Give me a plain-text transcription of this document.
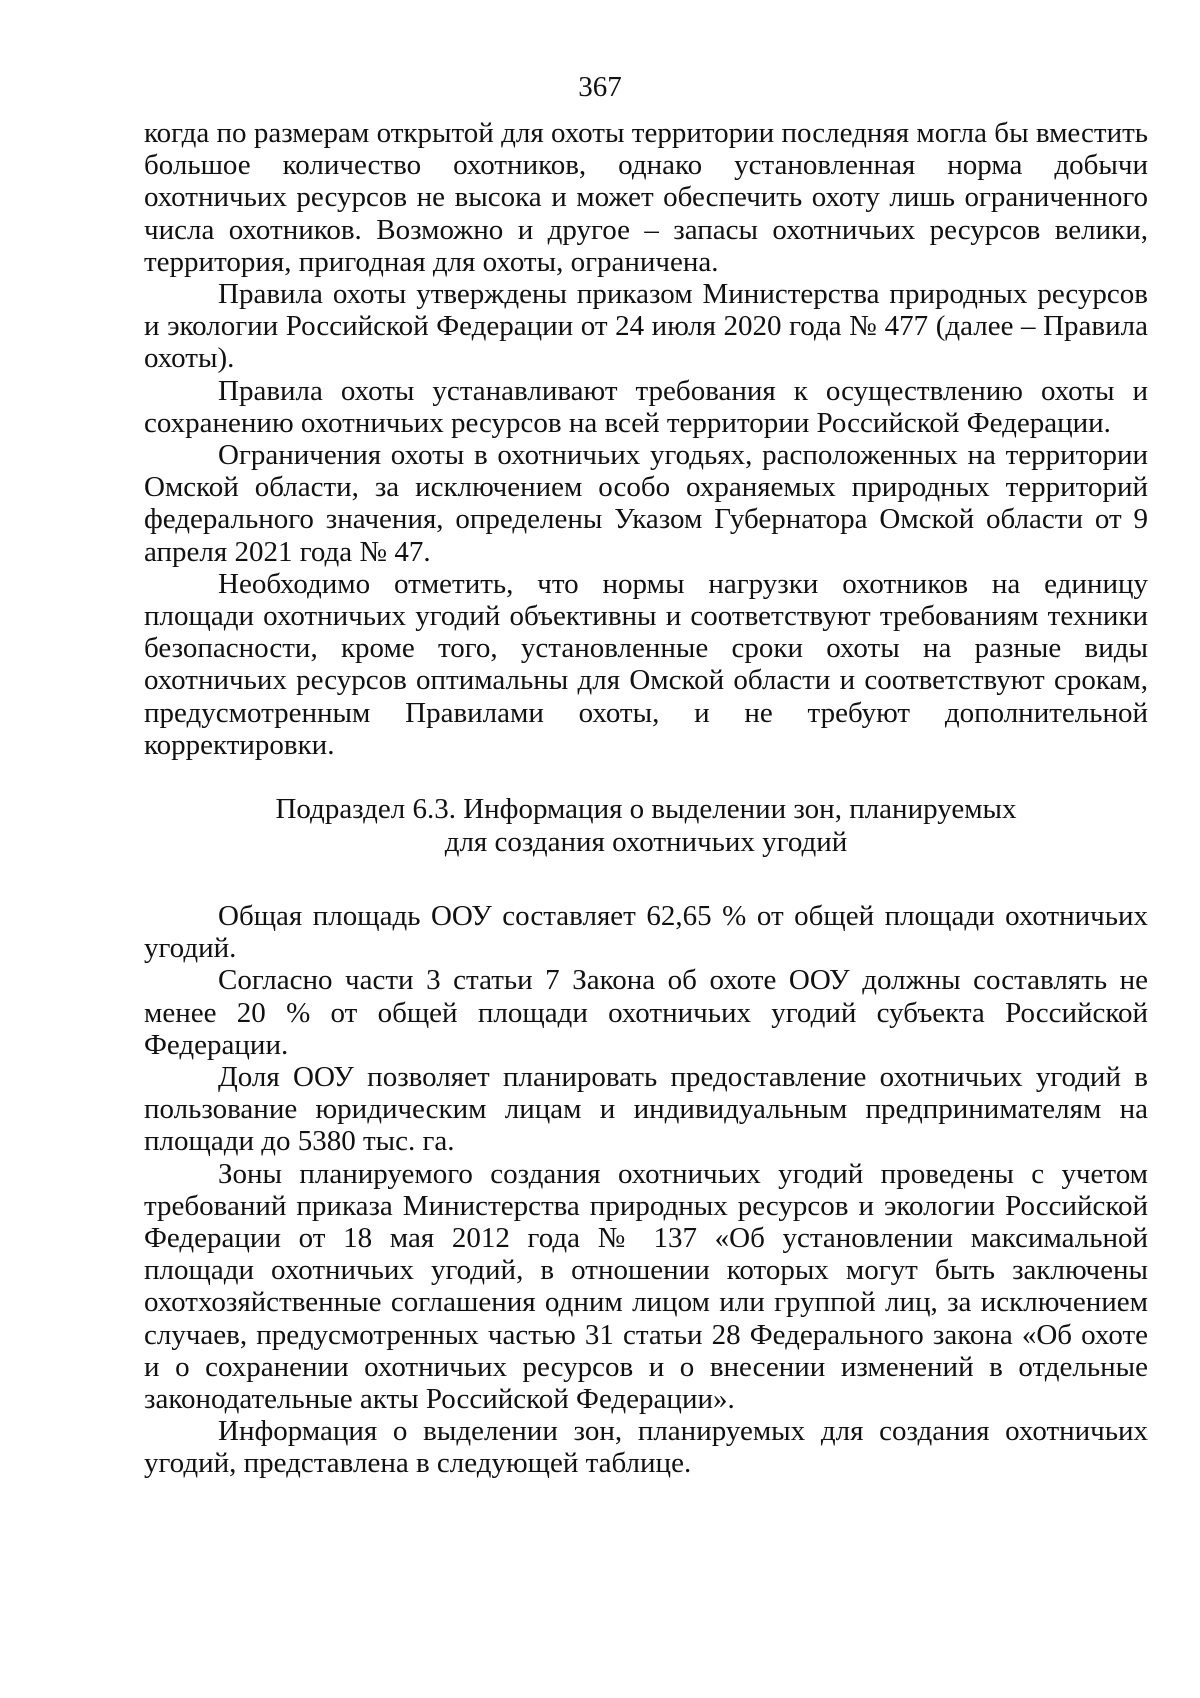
367

когда по размерам открытой для охоты территории последняя могла бы вместить большое количество охотников, однако установленная норма добычи охотничьих ресурсов не высока и может обеспечить охоту лишь ограниченного числа охотников. Возможно и другое – запасы охотничьих ресурсов велики, территория, пригодная для охоты, ограничена.

Правила охоты утверждены приказом Министерства природных ресурсов и экологии Российской Федерации от 24 июля 2020 года № 477 (далее – Правила охоты).

Правила охоты устанавливают требования к осуществлению охоты и сохранению охотничьих ресурсов на всей территории Российской Федерации.

Ограничения охоты в охотничьих угодьях, расположенных на территории Омской области, за исключением особо охраняемых природных территорий федерального значения, определены Указом Губернатора Омской области от 9 апреля 2021 года № 47.

Необходимо отметить, что нормы нагрузки охотников на единицу площади охотничьих угодий объективны и соответствуют требованиям техники безопасности, кроме того, установленные сроки охоты на разные виды охотничьих ресурсов оптимальны для Омской области и соответствуют срокам, предусмотренным Правилами охоты, и не требуют дополнительной корректировки.

Подраздел 6.3. Информация о выделении зон, планируемых
для создания охотничьих угодий

Общая площадь ООУ составляет 62,65 % от общей площади охотничьих угодий.

Согласно части 3 статьи 7 Закона об охоте ООУ должны составлять не менее 20 % от общей площади охотничьих угодий субъекта Российской Федерации.

Доля ООУ позволяет планировать предоставление охотничьих угодий в пользование юридическим лицам и индивидуальным предпринимателям на площади до 5380 тыс. га.

Зоны планируемого создания охотничьих угодий проведены с учетом требований приказа Министерства природных ресурсов и экологии Российской Федерации от 18 мая 2012 года № 137 «Об установлении максимальной площади охотничьих угодий, в отношении которых могут быть заключены охотхозяйственные соглашения одним лицом или группой лиц, за исключением случаев, предусмотренных частью 31 статьи 28 Федерального закона «Об охоте и о сохранении охотничьих ресурсов и о внесении изменений в отдельные законодательные акты Российской Федерации».

Информация о выделении зон, планируемых для создания охотничьих угодий, представлена в следующей таблице.
